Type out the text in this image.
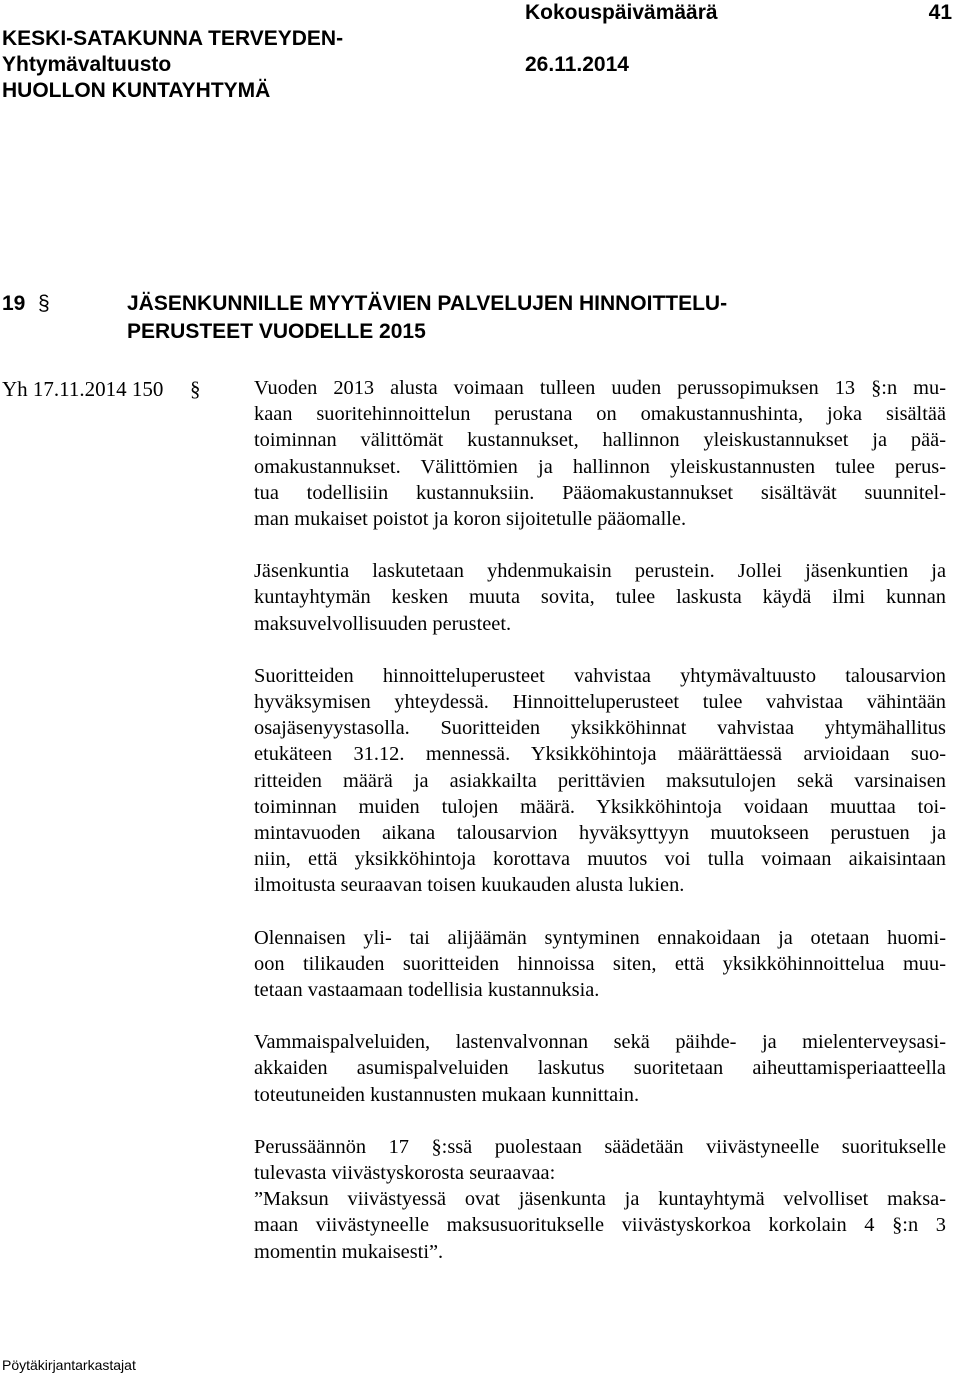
KESKI-SATAKUNNA TERVEYDEN-

HUOLLON KUNTAYHTYMÄ

Yhtymävaltuusto
Kokouspäivämäärä
26.11.2014
41
19 §	JÄSENKUNNILLE MYYTÄVIEN PALVELUJEN HINNOITTELU-
PERUSTEET VUODELLE 2015
Yh 17.11.2014 150 §	Vuoden 2013 alusta voimaan tulleen uuden perussopimuksen 13 §:n mu-
kaan suoritehinnoittelun perustana on omakustannushinta, joka sisältää
toiminnan välittömät kustannukset, hallinnon yleiskustannukset ja pää-
omakustannukset. Välittömien ja hallinnon yleiskustannusten tulee perus-
tua todellisiin kustannuksiin. Pääomakustannukset sisältävät suunnitel-
man mukaiset poistot ja koron sijoitetulle pääomalle.

Jäsenkuntia laskutetaan yhdenmukaisin perustein. Jollei jäsenkuntien ja
kuntayhtymän kesken muuta sovita, tulee laskusta käydä ilmi kunnan
maksuvelvollisuuden perusteet.

Suoritteiden hinnoitteluperusteet vahvistaa yhtymävaltuusto talousarvion
hyväksymisen yhteydessä. Hinnoitteluperusteet tulee vahvistaa vähintään
osajäsenyystasolla. Suoritteiden yksikköhinnat vahvistaa yhtymähallitus
etukäteen 31.12. mennessä. Yksikköhintoja määrättäessä arvioidaan suo-
ritteiden määrä ja asiakkailta perittävien maksutulojen sekä varsinaisen
toiminnan muiden tulojen määrä. Yksikköhintoja voidaan muuttaa toi-
mintavuoden aikana talousarvion hyväksyttyyn muutokseen perustuen ja
niin, että yksikköhintoja korottava muutos voi tulla voimaan aikaisintaan
ilmoitusta seuraavan toisen kuukauden alusta lukien.

Olennaisen yli- tai alijäämän syntyminen ennakoidaan ja otetaan huomi-
oon tilikauden suoritteiden hinnoissa siten, että yksikköhinnoittelua muu-
tetaan vastaamaan todellisia kustannuksia.

Vammaispalveluiden, lastenvalvonnan sekä päihde- ja mielenterveysasi-
akkaiden asumispalveluiden laskutus suoritetaan aiheuttamisperiaatteella
toteutuneiden kustannusten mukaan kunnittain.

Perussäännön 17 §:ssä puolestaan säädetään viivästyneelle suoritukselle
tulevasta viivästyskorosta seuraavaa:
”Maksun viivästyessä ovat jäsenkunta ja kuntayhtymä velvolliset maksa-
maan viivästyneelle maksusuoritukselle viivästyskorkoa korkolain 4 §:n 3
momentin mukaisesti”.

Pöytäkirjantarkastajat
